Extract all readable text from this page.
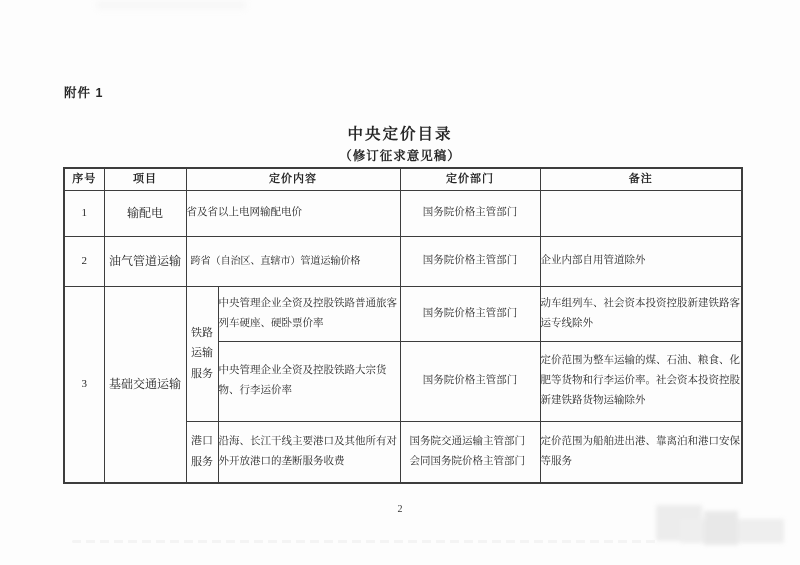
附件 1
中央定价目录
（修订征求意见稿）
序号	项目	定价内容		定价部门	备注
1	输配电	省及省以上电网输配电价		国务院价格主管部门	
2	油气管道运输	跨省（自治区、直辖市）管道运输价格		国务院价格主管部门	企业内部自用管道除外
3	基础交通运输	铁路运输服务	中央管理企业全资及控股铁路普通旅客列车硬座、硬卧票价率	国务院价格主管部门	动车组列车、社会资本投资控股新建铁路客运专线除外
			中央管理企业全资及控股铁路大宗货物、行李运价率	国务院价格主管部门	定价范围为整车运输的煤、石油、粮食、化肥等货物和行李运价率。社会资本投资控股新建铁路货物运输除外
		港口服务	沿海、长江干线主要港口及其他所有对外开放港口的垄断服务收费	国务院交通运输主管部门会同国务院价格主管部门	定价范围为船舶进出港、靠离泊和港口安保等服务
2
